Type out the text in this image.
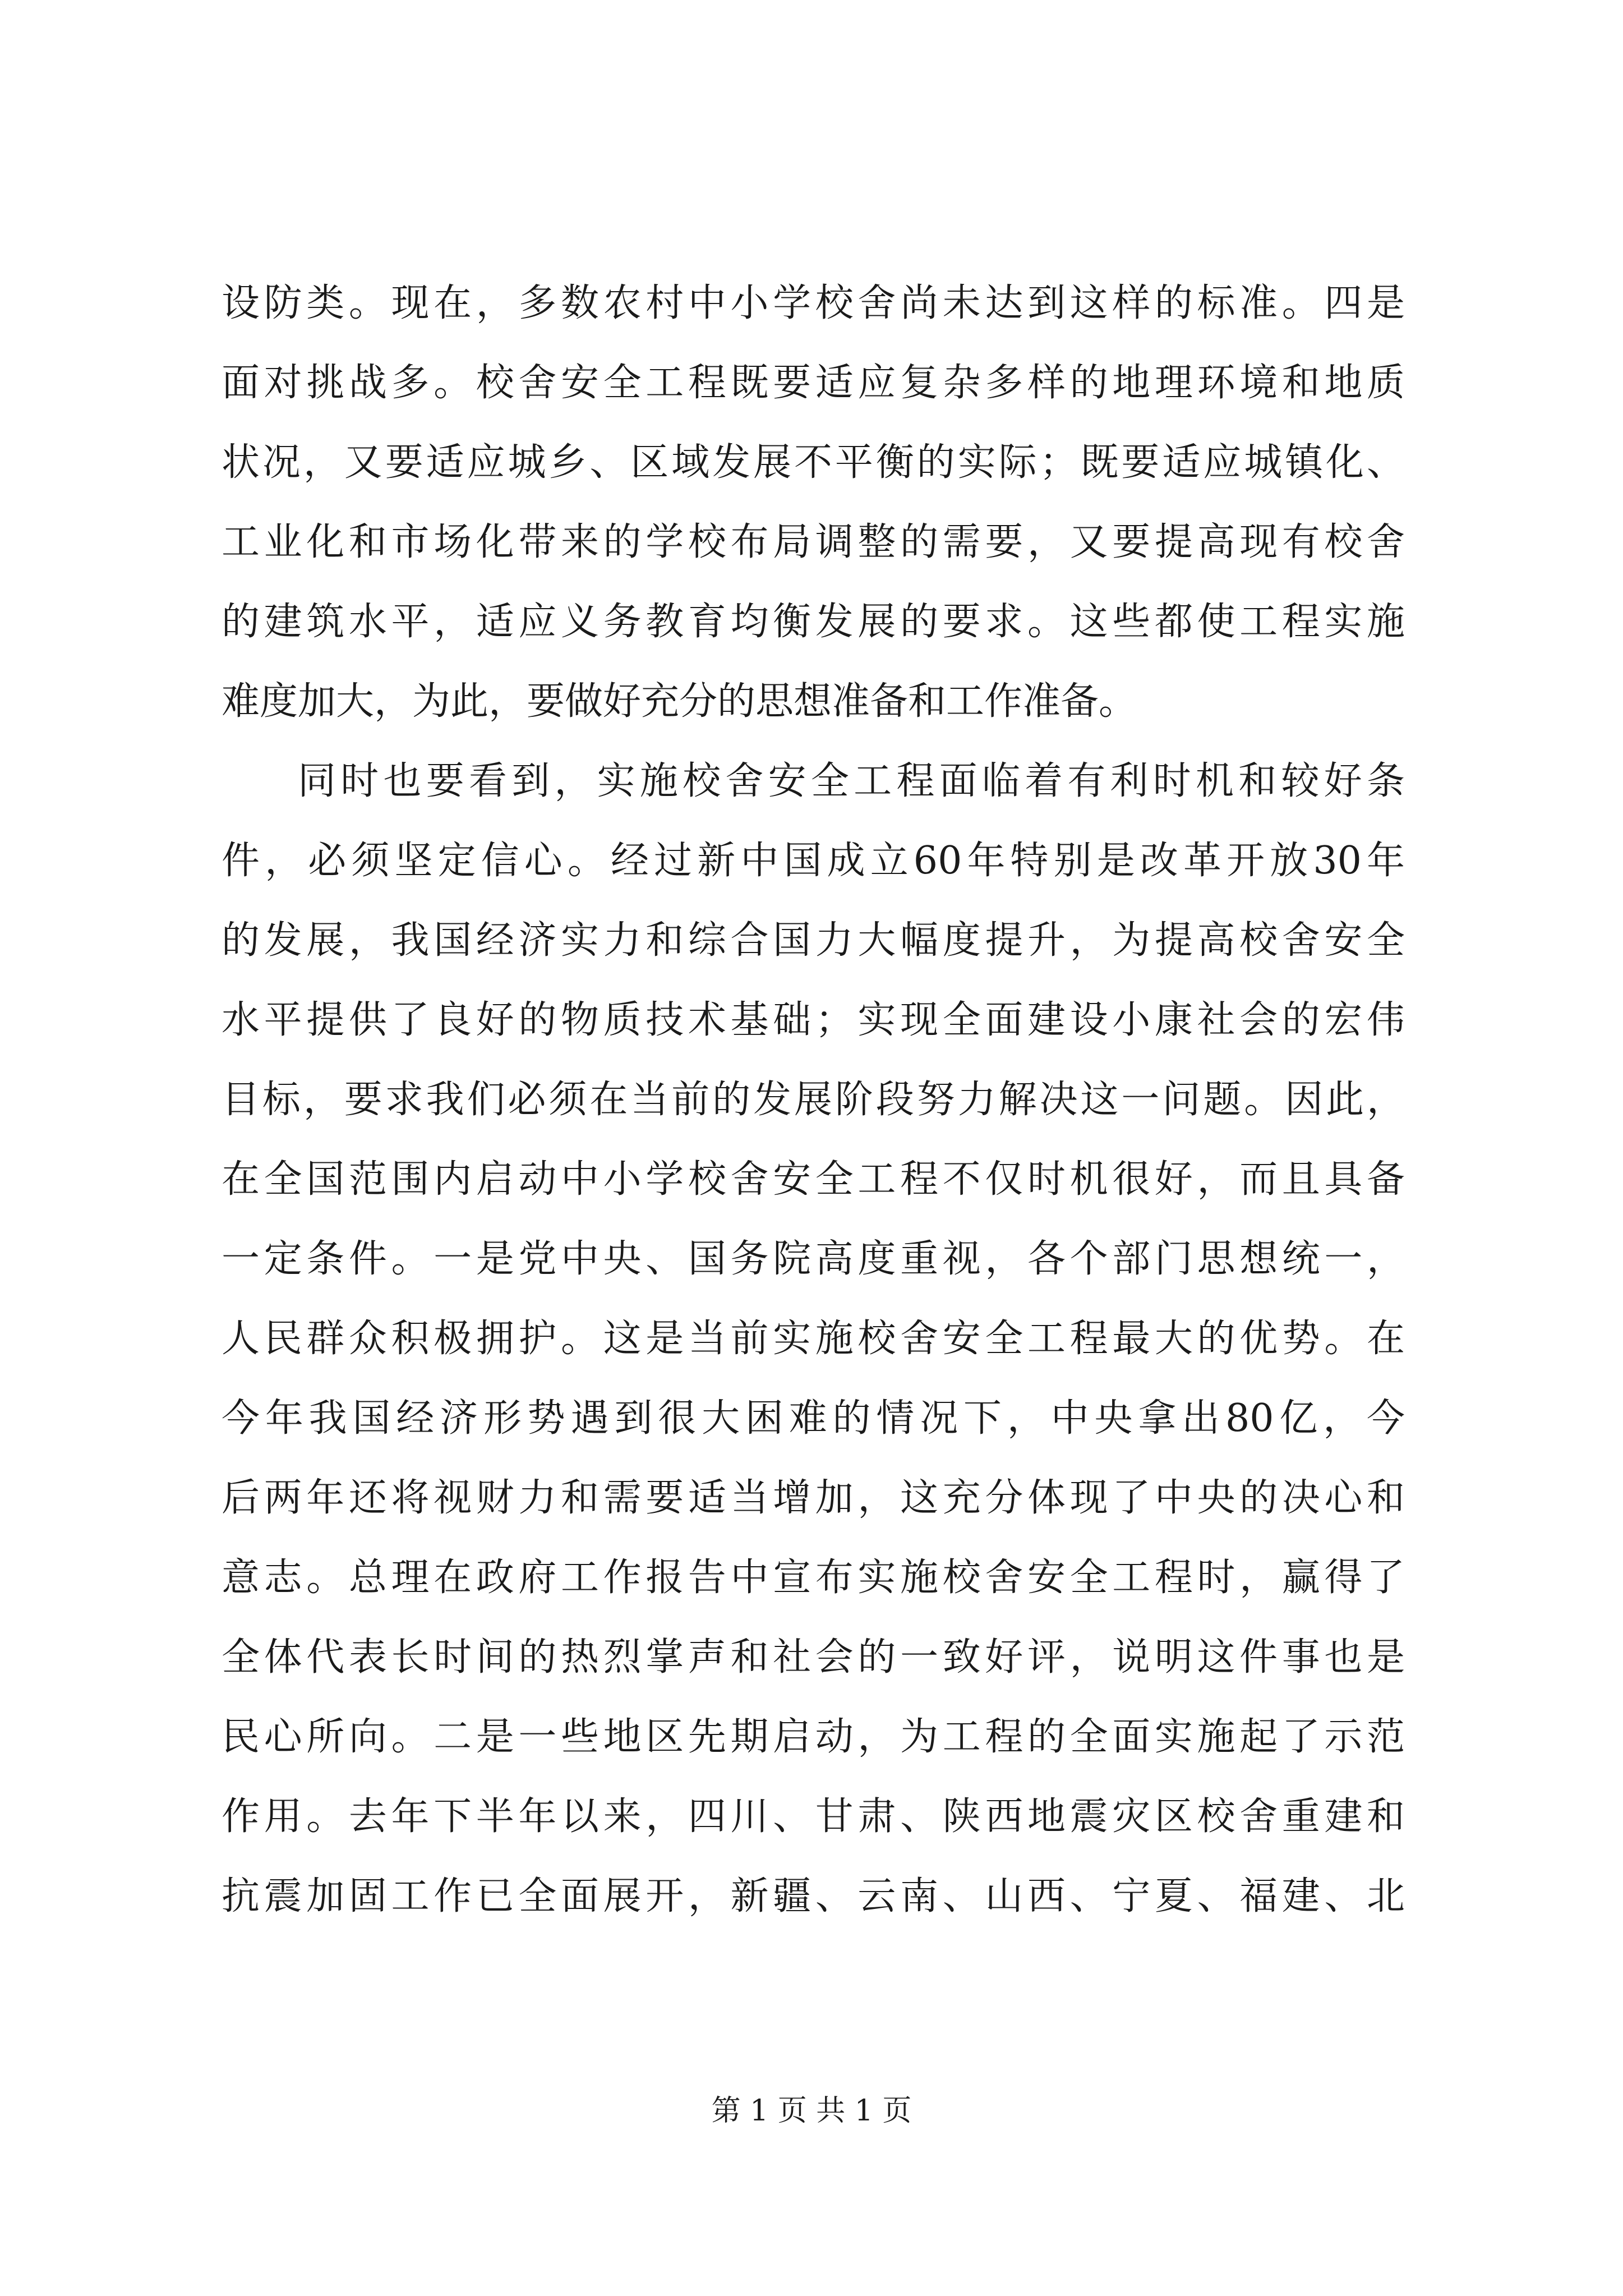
设防类。现在，多数农村中小学校舍尚未达到这样的标准。四是
面对挑战多。校舍安全工程既要适应复杂多样的地理环境和地质
状况，又要适应城乡、区域发展不平衡的实际；既要适应城镇化、
工业化和市场化带来的学校布局调整的需要，又要提高现有校舍
的建筑水平，适应义务教育均衡发展的要求。这些都使工程实施
难度加大，为此，要做好充分的思想准备和工作准备。
同时也要看到，实施校舍安全工程面临着有利时机和较好条
件，必须坚定信心。经过新中国成立60年特别是改革开放30年
的发展，我国经济实力和综合国力大幅度提升，为提高校舍安全
水平提供了良好的物质技术基础；实现全面建设小康社会的宏伟
目标，要求我们必须在当前的发展阶段努力解决这一问题。因此，
在全国范围内启动中小学校舍安全工程不仅时机很好，而且具备
一定条件。一是党中央、国务院高度重视，各个部门思想统一，
人民群众积极拥护。这是当前实施校舍安全工程最大的优势。在
今年我国经济形势遇到很大困难的情况下，中央拿出80亿，今
后两年还将视财力和需要适当增加，这充分体现了中央的决心和
意志。总理在政府工作报告中宣布实施校舍安全工程时，赢得了
全体代表长时间的热烈掌声和社会的一致好评，说明这件事也是
民心所向。二是一些地区先期启动，为工程的全面实施起了示范
作用。去年下半年以来，四川、甘肃、陕西地震灾区校舍重建和
抗震加固工作已全面展开，新疆、云南、山西、宁夏、福建、北
第 1 页 共 1 页
